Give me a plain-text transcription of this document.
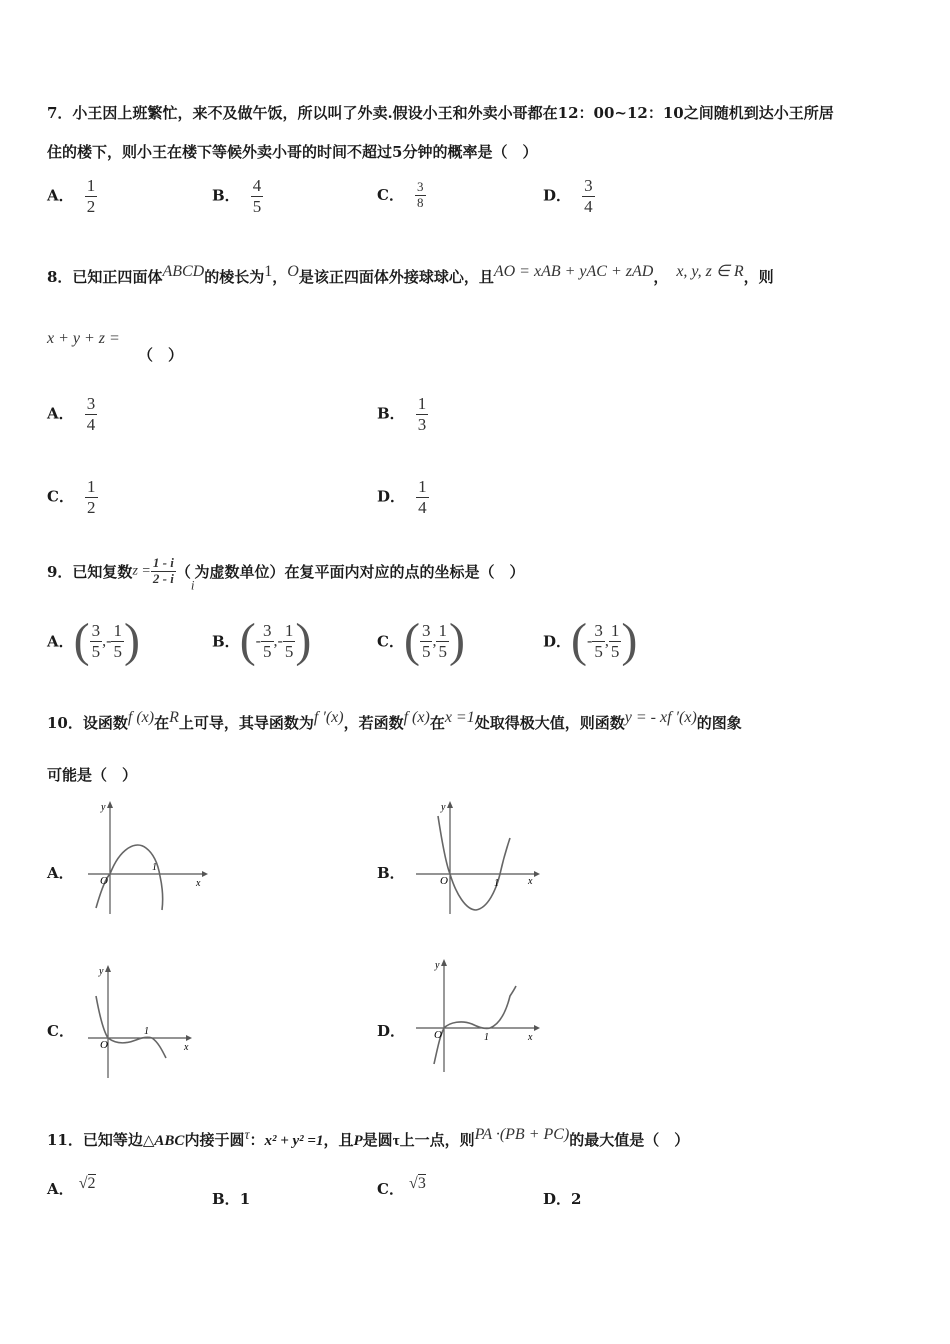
7．小王因上班繁忙，来不及做午饭，所以叫了外卖.假设小王和外卖小哥都在12：00~12：10之间随机到达小王所居
住的楼下，则小王在楼下等候外卖小哥的时间不超过5分钟的概率是（　）
A． $\frac{1}{2}$	B． $\frac{4}{5}$	C． $\frac{3}{8}$	D． $\frac{3}{4}$
8．已知正四面体ABCD的棱长为1，O是该正四面体外接球球心，且AO = xAB + yAC + zAD， x, y, z ∈ R，则
x + y + z =
（　）
A． $\frac{3}{4}$	B． $\frac{1}{3}$
C． $\frac{1}{2}$	D． $\frac{1}{4}$
9．已知复数$z = \frac{1 - i}{2 - i} (i$为虚数单位）在复平面内对应的点的坐标是（　）
A．( $\frac{3}{5}$ ,- $\frac{1}{5}$ )	B．(- $\frac{3}{5}$ ,- $\frac{1}{5}$ )	C．( $\frac{3}{5}$ , $\frac{1}{5}$ )	D．(- $\frac{3}{5}$ , $\frac{1}{5}$ )
10．设函数f (x)在R上可导，其导函数为f ′(x)，若函数f (x)在x =1处取得极大值，则函数y = - xf ′(x)的图象
可能是（　）
A． O
1
x
y
B．	O	1	x
y
C．
O
1
x
y
D．	O	1	x
y
11．已知等边△ABC内接于圆τ：x² + y² =1，且P是圆τ上一点，则PA ·(PB + PC)的最大值是（　）
A． √2
B．1
C． √3
D．2
